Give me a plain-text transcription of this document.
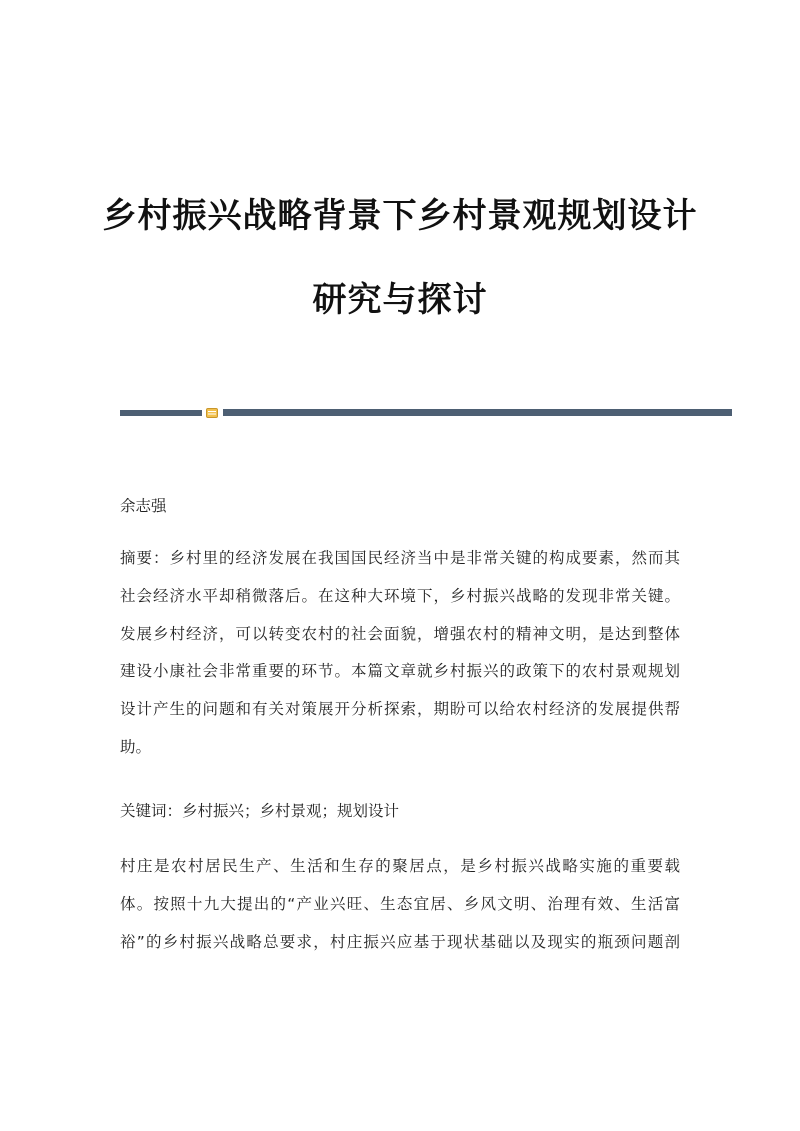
乡村振兴战略背景下乡村景观规划设计
研究与探讨
余志强
摘要：乡村里的经济发展在我国国民经济当中是非常关键的构成要素，然而其
社会经济水平却稍微落后。在这种大环境下，乡村振兴战略的发现非常关键。
发展乡村经济，可以转变农村的社会面貌，增强农村的精神文明，是达到整体
建设小康社会非常重要的环节。本篇文章就乡村振兴的政策下的农村景观规划
设计产生的问题和有关对策展开分析探索，期盼可以给农村经济的发展提供帮
助。
关键词：乡村振兴；乡村景观；规划设计
村庄是农村居民生产、生活和生存的聚居点，是乡村振兴战略实施的重要载
体。按照十九大提出的“产业兴旺、生态宜居、乡风文明、治理有效、生活富
裕”的乡村振兴战略总要求，村庄振兴应基于现状基础以及现实的瓶颈问题剖
